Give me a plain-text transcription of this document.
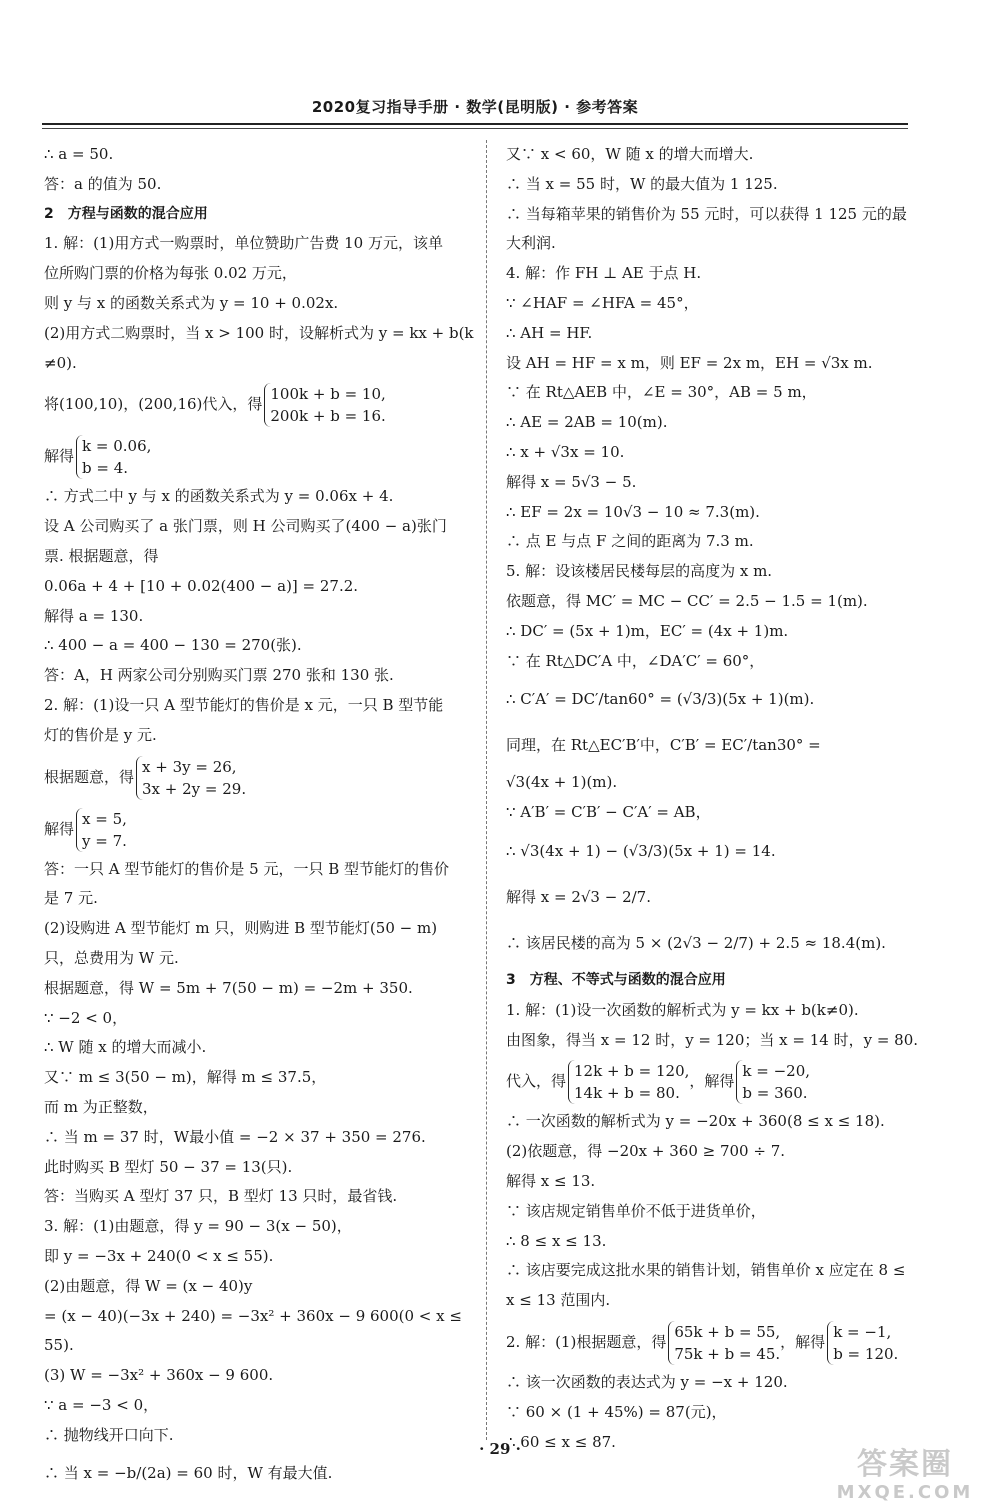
2020复习指导手册 · 数学(昆明版) · 参考答案
∴ a = 50.
答：a 的值为 50.
2　方程与函数的混合应用
1. 解：(1)用方式一购票时，单位赞助广告费 10 万元，该单
位所购门票的价格为每张 0.02 万元，
则 y 与 x 的函数关系式为 y = 10 + 0.02x.
(2)用方式二购票时，当 x > 100 时，设解析式为 y = kx + b(k
≠0).
将(100,10)，(200,16)代入，得
100k + b = 10,
200k + b = 16.
解得
k = 0.06,
b = 4.
∴ 方式二中 y 与 x 的函数关系式为 y = 0.06x + 4.
设 A 公司购买了 a 张门票，则 H 公司购买了(400 − a)张门
票. 根据题意，得
0.06a + 4 + [10 + 0.02(400 − a)] = 27.2.
解得 a = 130.
∴ 400 − a = 400 − 130 = 270(张).
答：A，H 两家公司分别购买门票 270 张和 130 张.
2. 解：(1)设一只 A 型节能灯的售价是 x 元，一只 B 型节能
灯的售价是 y 元.
根据题意，得
x + 3y = 26,
3x + 2y = 29.
解得
x = 5,
y = 7.
答：一只 A 型节能灯的售价是 5 元，一只 B 型节能灯的售价
是 7 元.
(2)设购进 A 型节能灯 m 只，则购进 B 型节能灯(50 − m)
只，总费用为 W 元.
根据题意，得 W = 5m + 7(50 − m) = −2m + 350.
∵ −2 < 0，
∴ W 随 x 的增大而减小.
又∵ m ≤ 3(50 − m)，解得 m ≤ 37.5，
而 m 为正整数，
∴ 当 m = 37 时，W最小值 = −2 × 37 + 350 = 276.
此时购买 B 型灯 50 − 37 = 13(只).
答：当购买 A 型灯 37 只，B 型灯 13 只时，最省钱.
3. 解：(1)由题意，得 y = 90 − 3(x − 50)，
即 y = −3x + 240(0 < x ≤ 55).
(2)由题意，得 W = (x − 40)y
= (x − 40)(−3x + 240) = −3x² + 360x − 9 600(0 < x ≤
55).
(3) W = −3x² + 360x − 9 600.
∵ a = −3 < 0，
∴ 抛物线开口向下.
∴ 当 x = −b/(2a) = 60 时，W 有最大值.
又∵ x < 60，W 随 x 的增大而增大.
∴ 当 x = 55 时，W 的最大值为 1 125.
∴ 当每箱苹果的销售价为 55 元时，可以获得 1 125 元的最
大利润.
4. 解：作 FH ⊥ AE 于点 H.
∵ ∠HAF = ∠HFA = 45°，
∴ AH = HF.
设 AH = HF = x m，则 EF = 2x m，EH = √3x m.
∵ 在 Rt△AEB 中，∠E = 30°，AB = 5 m，
∴ AE = 2AB = 10(m).
∴ x + √3x = 10.
解得 x = 5√3 − 5.
∴ EF = 2x = 10√3 − 10 ≈ 7.3(m).
∴ 点 E 与点 F 之间的距离为 7.3 m.
5. 解：设该楼居民楼每层的高度为 x m.
依题意，得 MC′ = MC − CC′ = 2.5 − 1.5 = 1(m).
∴ DC′ = (5x + 1)m，EC′ = (4x + 1)m.
∵ 在 Rt△DC′A 中，∠DA′C′ = 60°，
∴ C′A′ = DC′/tan60° = (√3/3)(5x + 1)(m).
同理，在 Rt△EC′B′中，C′B′ = EC′/tan30° =
√3(4x + 1)(m).
∵ A′B′ = C′B′ − C′A′ = AB，
∴ √3(4x + 1) − (√3/3)(5x + 1) = 14.
解得 x = 2√3 − 2/7.
∴ 该居民楼的高为 5 × (2√3 − 2/7) + 2.5 ≈ 18.4(m).
3　方程、不等式与函数的混合应用
1. 解：(1)设一次函数的解析式为 y = kx + b(k≠0).
由图象，得当 x = 12 时，y = 120；当 x = 14 时，y = 80.
代入，得
12k + b = 120,
14k + b = 80.
，解得
k = −20,
b = 360.
∴ 一次函数的解析式为 y = −20x + 360(8 ≤ x ≤ 18).
(2)依题意，得 −20x + 360 ≥ 700 ÷ 7.
解得 x ≤ 13.
∵ 该店规定销售单价不低于进货单价，
∴ 8 ≤ x ≤ 13.
∴ 该店要完成这批水果的销售计划，销售单价 x 应定在 8 ≤
x ≤ 13 范围内.
2. 解：(1)根据题意，得
65k + b = 55,
75k + b = 45.
，解得
k = −1,
b = 120.
∴ 该一次函数的表达式为 y = −x + 120.
∵ 60 × (1 + 45%) = 87(元)，
∴ 60 ≤ x ≤ 87.
· 29 ·	答案圈
MXQE.COM
